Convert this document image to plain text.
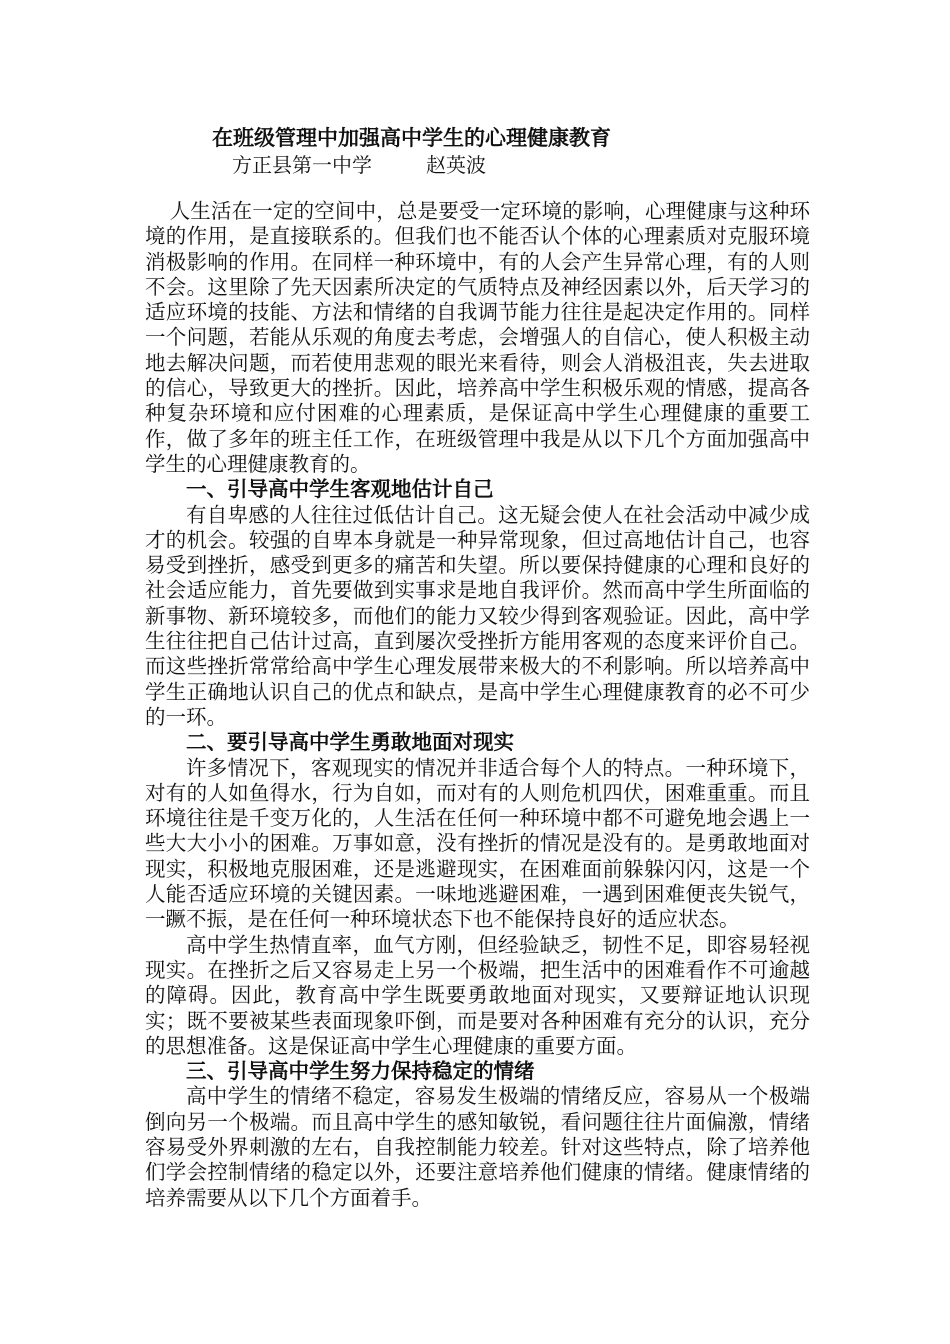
在班级管理中加强高中学生的心理健康教育
方正县第一中学	赵英波

人生活在一定的空间中，总是要受一定环境的影响，心理健康与这种环境的作用，是直接联系的。但我们也不能否认个体的心理素质对克服环境消极影响的作用。在同样一种环境中，有的人会产生异常心理，有的人则不会。这里除了先天因素所决定的气质特点及神经因素以外，后天学习的适应环境的技能、方法和情绪的自我调节能力往往是起决定作用的。同样一个问题，若能从乐观的角度去考虑，会增强人的自信心，使人积极主动地去解决问题，而若使用悲观的眼光来看待，则会人消极沮丧，失去进取的信心，导致更大的挫折。因此，培养高中学生积极乐观的情感，提高各种复杂环境和应付困难的心理素质，是保证高中学生心理健康的重要工作，做了多年的班主任工作，在班级管理中我是从以下几个方面加强高中学生的心理健康教育的。

一、引导高中学生客观地估计自己

有自卑感的人往往过低估计自己。这无疑会使人在社会活动中减少成才的机会。较强的自卑本身就是一种异常现象，但过高地估计自己，也容易受到挫折，感受到更多的痛苦和失望。所以要保持健康的心理和良好的社会适应能力，首先要做到实事求是地自我评价。然而高中学生所面临的新事物、新环境较多，而他们的能力又较少得到客观验证。因此，高中学生往往把自己估计过高，直到屡次受挫折方能用客观的态度来评价自己。而这些挫折常常给高中学生心理发展带来极大的不利影响。所以培养高中学生正确地认识自己的优点和缺点，是高中学生心理健康教育的必不可少的一环。

二、要引导高中学生勇敢地面对现实

许多情况下，客观现实的情况并非适合每个人的特点。一种环境下，对有的人如鱼得水，行为自如，而对有的人则危机四伏，困难重重。而且环境往往是千变万化的，人生活在任何一种环境中都不可避免地会遇上一些大大小小的困难。万事如意，没有挫折的情况是没有的。是勇敢地面对现实，积极地克服困难，还是逃避现实，在困难面前躲躲闪闪，这是一个人能否适应环境的关键因素。一味地逃避困难，一遇到困难便丧失锐气，一蹶不振，是在任何一种环境状态下也不能保持良好的适应状态。

高中学生热情直率，血气方刚，但经验缺乏，韧性不足，即容易轻视现实。在挫折之后又容易走上另一个极端，把生活中的困难看作不可逾越的障碍。因此，教育高中学生既要勇敢地面对现实，又要辩证地认识现实；既不要被某些表面现象吓倒，而是要对各种困难有充分的认识，充分的思想准备。这是保证高中学生心理健康的重要方面。

三、引导高中学生努力保持稳定的情绪

高中学生的情绪不稳定，容易发生极端的情绪反应，容易从一个极端倒向另一个极端。而且高中学生的感知敏锐，看问题往往片面偏激，情绪容易受外界刺激的左右，自我控制能力较差。针对这些特点，除了培养他们学会控制情绪的稳定以外，还要注意培养他们健康的情绪。健康情绪的培养需要从以下几个方面着手。
